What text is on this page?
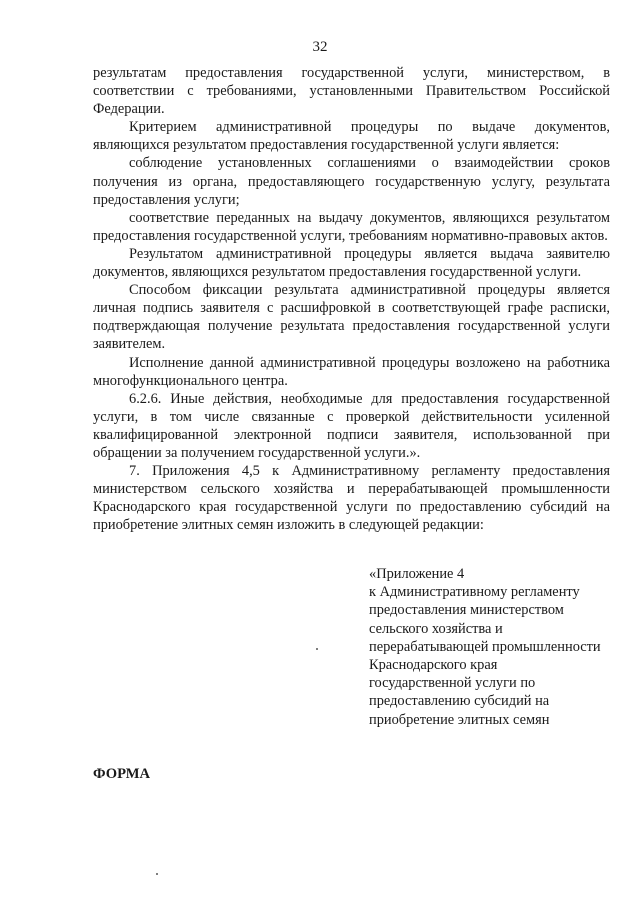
32

результатам предоставления государственной услуги, министерством, в соответствии с требованиями, установленными Правительством Российской Федерации.

Критерием административной процедуры по выдаче документов, являющихся результатом предоставления государственной услуги является:

соблюдение установленных соглашениями о взаимодействии сроков получения из органа, предоставляющего государственную услугу, результата предоставления услуги;

соответствие переданных на выдачу документов, являющихся результатом предоставления государственной услуги, требованиям нормативно-правовых актов.

Результатом административной процедуры является выдача заявителю документов, являющихся результатом предоставления государственной услуги.

Способом фиксации результата административной процедуры является личная подпись заявителя с расшифровкой в соответствующей графе расписки, подтверждающая получение результата предоставления государственной услуги заявителем.

Исполнение данной административной процедуры возложено на работника многофункционального центра.

6.2.6. Иные действия, необходимые для предоставления государственной услуги, в том числе связанные с проверкой действительности усиленной квалифицированной электронной подписи заявителя, использованной при обращении за получением государственной услуги.».

7. Приложения 4,5 к Административному регламенту предоставления министерством сельского хозяйства и перерабатывающей промышленности Краснодарского края государственной услуги по предоставлению субсидий на приобретение элитных семян изложить в следующей редакции:

«Приложение 4
к Административному регламенту
предоставления министерством
сельского хозяйства и
перерабатывающей промышленности
Краснодарского края
государственной услуги по
предоставлению субсидий на
приобретение элитных семян
ФОРМА
